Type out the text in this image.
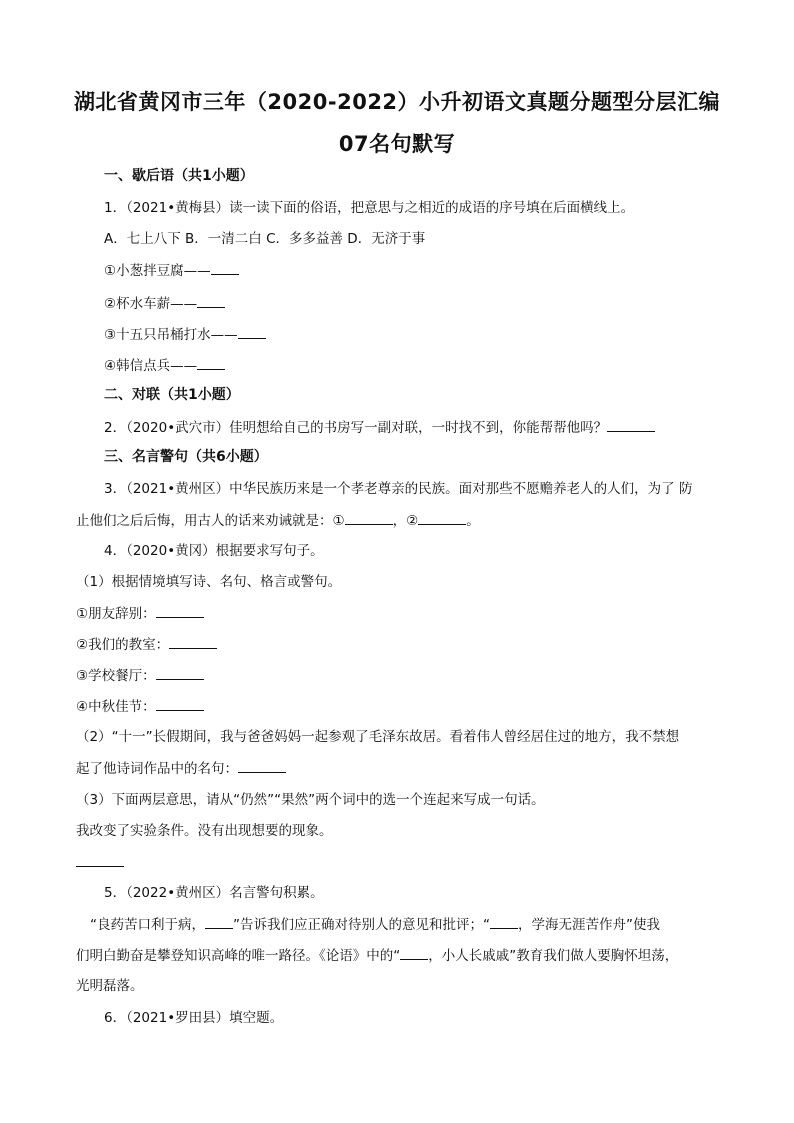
湖北省黄冈市三年（2020-2022）小升初语文真题分题型分层汇编
07名句默写
一、歇后语（共1小题）
1．（2021•黄梅县）读一读下面的俗语，把意思与之相近的成语的序号填在后面横线上。
A．七上八下 B．一清二白 C．多多益善 D．无济于事
①小葱拌豆腐——
②杯水车薪——
③十五只吊桶打水——
④韩信点兵——
二、对联（共1小题）
2．（2020•武穴市）佳明想给自己的书房写一副对联，一时找不到，你能帮帮他吗？
三、名言警句（共6小题）
3．（2021•黄州区）中华民族历来是一个孝老尊亲的民族。面对那些不愿赡养老人的人们，为了 防
止他们之后后悔，用古人的话来劝诫就是：①	，②	。
4．（2020•黄冈）根据要求写句子。
（1）根据情境填写诗、名句、格言或警句。
①朋友辞别：
②我们的教室：
③学校餐厅：
④中秋佳节：
（2）“十一”长假期间，我与爸爸妈妈一起参观了毛泽东故居。看着伟人曾经居住过的地方，我不禁想
起了他诗词作品中的名句：
（3）下面两层意思，请从“仍然”“果然”两个词中的选一个连起来写成一句话。
我改变了实验条件。没有出现想要的现象。
5．（2022•黄州区）名言警句积累。
“良药苦口利于病， ”告诉我们应正确对待别人的意见和批评；“ ，学海无涯苦作舟”使我
们明白勤奋是攀登知识高峰的唯一路径。《论语》中的“ ，小人长戚戚”教育我们做人要胸怀坦荡，
光明磊落。
6．（2021•罗田县）填空题。
